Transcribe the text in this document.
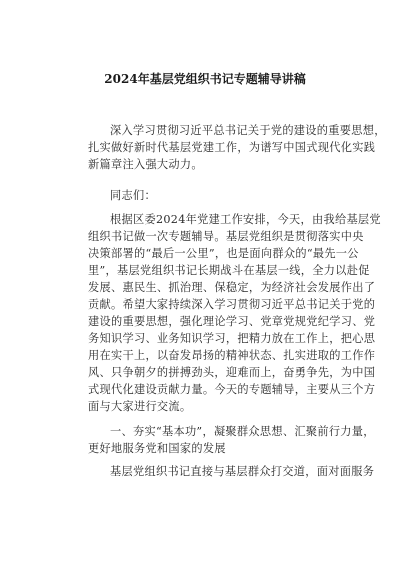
2024年基层党组织书记专题辅导讲稿
深入学习贯彻习近平总书记关于党的建设的重要思想，
扎实做好新时代基层党建工作，为谱写中国式现代化实践
新篇章注入强大动力。
同志们：
根据区委2024年党建工作安排，今天，由我给基层党
组织书记做一次专题辅导。基层党组织是贯彻落实中央
决策部署的“最后一公里”，也是面向群众的“最先一公
里”，基层党组织书记长期战斗在基层一线，全力以赴促
发展、惠民生、抓治理、保稳定，为经济社会发展作出了
贡献。希望大家持续深入学习贯彻习近平总书记关于党的
建设的重要思想，强化理论学习、党章党规党纪学习、党
务知识学习、业务知识学习，把精力放在工作上，把心思
用在实干上，以奋发昂扬的精神状态、扎实进取的工作作
风、只争朝夕的拼搏劲头，迎难而上，奋勇争先，为中国
式现代化建设贡献力量。今天的专题辅导，主要从三个方
面与大家进行交流。
一、夯实“基本功”，凝聚群众思想、汇聚前行力量，
更好地服务党和国家的发展
基层党组织书记直接与基层群众打交道，面对面服务
